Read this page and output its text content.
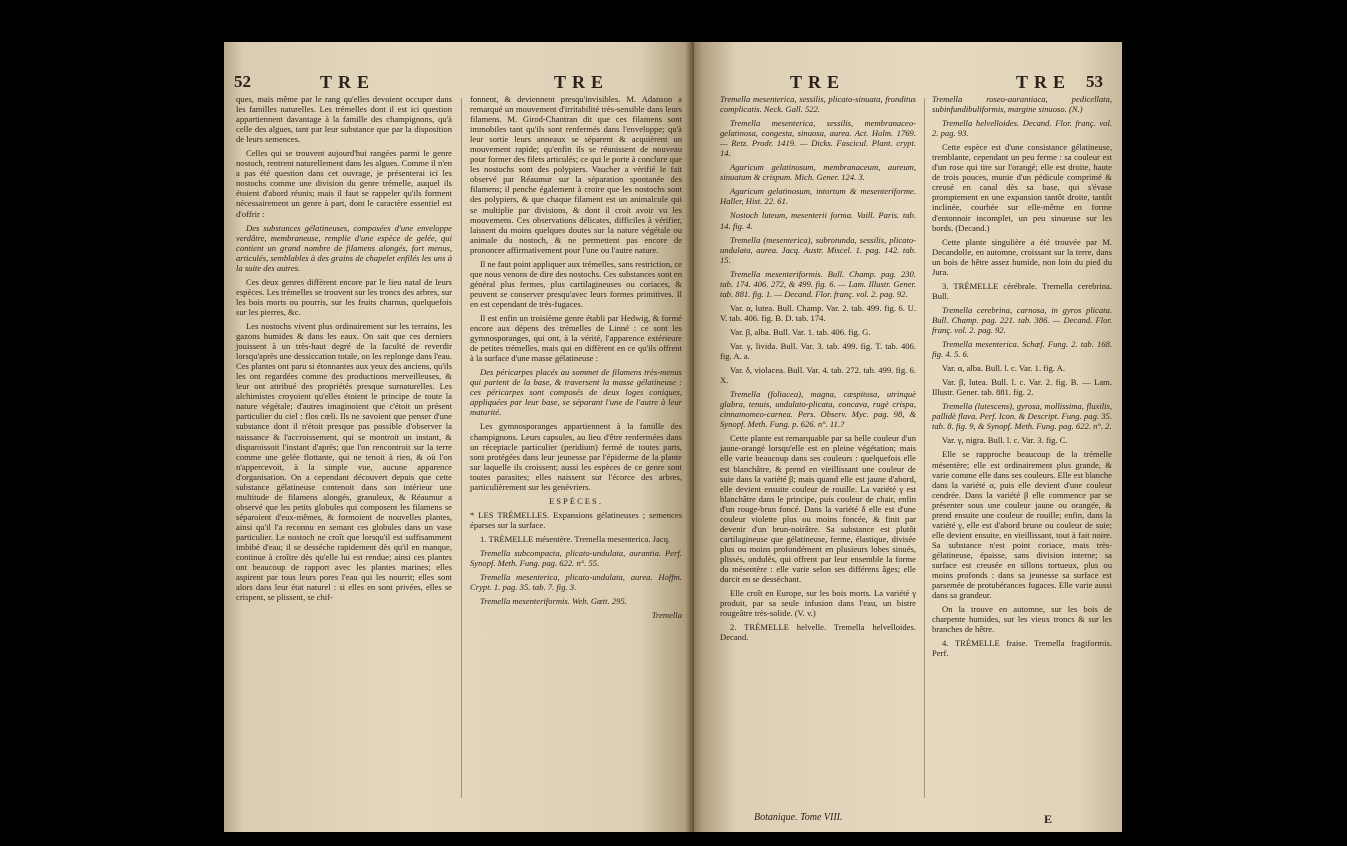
52	TRE	TRE

ques, mais même par le rang qu'elles devoient occuper dans les familles naturelles. Les trémelles dont il est ici question appartiennent davantage à la famille des champignons, qu'à celle des algues, tant par leur substance que par la disposition de leurs semences.

Celles qui se trouvent aujourd'hui rangées parmi le genre nostoch, rentrent naturellement dans les algues. Comme il n'en a pas été question dans cet ouvrage, je présenterai ici les nostochs comme une division du genre trémelle, auquel ils étoient d'abord réunis; mais il faut se rappeler qu'ils forment nécessairement un genre à part, dont le caractère essentiel est d'offrir :

Des substances gélatineuses, composées d'une enveloppe verdâtre, membraneuse, remplie d'une espèce de gelée, qui contient un grand nombre de filamens alongés, fort menus, articulés, semblables à des grains de chapelet enfilés les uns à la suite des autres.

Ces deux genres diffèrent encore par le lieu natal de leurs espèces. Les trémelles se trouvent sur les troncs des arbres, sur les bois morts ou pourris, sur les fruits charnus, quelquefois sur les pierres, &c.

Les nostochs vivent plus ordinairement sur les terrains, les gazons humides & dans les eaux. On sait que ces derniers jouissent à un très-haut degré de la faculté de reverdir lorsqu'après une dessiccation totale, on les replonge dans l'eau. Ces plantes ont paru si étonnantes aux yeux des anciens, qu'ils les ont regardées comme des productions merveilleuses, & leur ont attribué des propriétés presque surnaturelles. Les alchimistes croyoient qu'elles étoient le principe de toute la nature végétale; d'autres imaginoient que c'étoit un présent particulier du ciel : flos cœli. Ils ne savoient que penser d'une substance dont il n'étoit presque pas possible d'observer la naissance & l'accroissement, qui se montroit un instant, & disparoissoit l'instant d'après; que l'on rencontroit sur la terre comme une gelée flottante, qui ne tenoit à rien, & où l'on n'appercevoit, à la simple vue, aucune apparence d'organisation. On a cependant découvert depuis que cette substance gélatineuse contenoit dans son intérieur une multitude de filamens alongés, granuleux, & Réaumur a observé que les petits globules qui composent les filamens se séparoient d'eux-mêmes, & formoient de nouvelles plantes, ainsi qu'il l'a reconnu en semant ces globules dans un vase particulier. Le nostoch ne croît que lorsqu'il est suffisamment imbibé d'eau; il se desséche rapidement dès qu'il en manque, continue à croître dès qu'elle lui est rendue; ainsi ces plantes ont beaucoup de rapport avec les plantes marines; elles aspirent par tous leurs pores l'eau qui les nourrit; elles sont alors dans leur état naturel : si elles en sont privées, elles se crispent, se plissent, se chif-

fonnent, & deviennent presqu'invisibles. M. Adanson a remarqué un mouvement d'irritabilité très-sensible dans leurs filamens. M. Girod-Chantran dit que ces filamens sont immobiles tant qu'ils sont renfermés dans l'enveloppe; qu'à leur sortie leurs anneaux se séparent & acquièrent un mouvement rapide; qu'enfin ils se réunissent de nouveau pour former des filets articulés; ce qui le porte à conclure que les nostochs sont des polypiers. Vaucher a vérifié le fait observé par Réaumur sur la séparation spontanée des filamens; il penche également à croire que les nostochs sont des polypiers, & que chaque filament est un animalcule qui se multiplie par divisions, & dont il croit avoir vu les mouvemens. Ces observations délicates, difficiles à vérifier, laissent du moins quelques doutes sur la nature végétale ou animale du nostoch, & ne permettent pas encore de prononcer affirmativement pour l'une ou l'autre nature.

Il ne faut point appliquer aux trémelles, sans restriction, ce que nous venons de dire des nostochs. Ces substances sont en général plus fermes, plus cartilagineuses ou coriaces, & peuvent se conserver presqu'avec leurs formes primitives. Il en est cependant de très-fugaces.

Il est enfin un troisième genre établi par Hedwig, & formé encore aux dépens des trémelles de Linné : ce sont les gymnosporanges, qui ont, à la vérité, l'apparence extérieure de petites trémelles, mais qui en diffèrent en ce qu'ils offrent à la surface d'une masse gélatineuse :

Des péricarpes placés au sommet de filamens très-menus qui partent de la base, & traversent la masse gélatineuse : ces péricarpes sont composés de deux loges coniques, appliquées par leur base, se séparant l'une de l'autre à leur maturité.

Les gymnosporanges appartiennent à la famille des champignons. Leurs capsules, au lieu d'être renfermées dans un réceptacle particulier (peridium) fermé de toutes parts, sont protégées dans leur jeunesse par l'épiderme de la plante sur laquelle ils croissent; aussi les espèces de ce genre sont toutes parasites; elles naissent sur l'écorce des arbres, particulièrement sur les genévriers.

ESPÈCES.

* LES TRÉMELLES. Expansions gélatineuses ; semences éparses sur la surface.

1. TRÉMELLE mésentère. Tremella mesenterica. Jacq.

Tremella subcompacta, plicato-undulata, aurantia. Perf. Synopf. Meth. Fung. pag. 622. n°. 55.

Tremella mesenterica, plicato-undulata, aurea. Hoffm. Crypt. 1. pag. 35. tab. 7. fig. 3.

Tremella mesenteriformis. Web. Gœtt. 295.

Tremella

TRE	TRE 53

Tremella mesenterica, sessilis, plicato-sinuata, fronditus complicatis. Neck. Gall. 522.

Tremella mesenterica, sessilis, membranaceo-gelatinosa, congesta, sinuosa, aurea. Act. Holm. 1769. — Retz. Prodr. 1419. — Dicks. Fascicul. Plant. crypt. 14.

Agaricum gelatinosum, membranaceum, aureum, sinuatum & crispum. Mich. Gener. 124. 3.

Agaricum gelatinosum, intortum & mesenteriforme. Haller, Hist. 22. 61.

Nostoch luteum, mesenterii forma. Vaill. Paris. tab. 14. fig. 4.

Tremella (mesenterica), subrotunda, sessilis, plicato-undulata, aurea. Jacq. Austr. Miscel. 1. pag. 142. tab. 15.

Tremella mesenteriformis. Bull. Champ. pag. 230. tab. 174. 406. 272, & 499. fig. 6. — Lam. Illustr. Gener. tab. 881. fig. 1. — Decand. Flor. franç. vol. 2. pag. 92.

Var. α, lutea. Bull. Champ. Var. 2. tab. 499. fig. 6. U. V. tab. 406. fig. B. D. tab. 174.

Var. β, alba. Bull. Var. 1. tab. 406. fig. G.

Var. γ, livida. Bull. Var. 3. tab. 499. fig. T. tab. 406. fig. A. a.

Var. δ, violacea. Bull. Var. 4. tab. 272. tab. 499. fig. 6. X.

Tremella (foliacea), magna, cæspitosa, utrinquè glabra, tenuis, undulato-plicata, concava, rugè crispa, cinnamomeo-carnea. Pers. Observ. Myc. pag. 98, & Synopf. Meth. Fung. p. 626. n°. 11.?

Cette plante est remarquable par sa belle couleur d'un jaune-orangé lorsqu'elle est en pleine végétation; mais elle varie beaucoup dans ses couleurs : quelquefois elle est blanchâtre, & prend en vieillissant une couleur de suie dans la variété β; mais quand elle est jaune d'abord, elle devient ensuite couleur de rouille. La variété γ est blanchâtre dans le principe, puis couleur de chair, enfin d'un rouge-brun foncé. Dans la variété δ elle est d'une couleur violette plus ou moins foncée, & finit par devenir d'un brun-noirâtre. Sa substance est plutôt cartilagineuse que gélatineuse, ferme, élastique, divisée plus ou moins profondément en plusieurs lobes sinués, plissés, ondulés, qui offrent par leur ensemble la forme du mésentère : elle varie selon ses différens âges; elle durcit en se desséchant.

Elle croît en Europe, sur les bois morts. La variété γ produit, par sa seule infusion dans l'eau, un bistre rougeâtre très-solide. (V. v.)

2. TRÉMELLE helvelle. Tremella helvelloides. Decand.

Botanique. Tome VIII.

Tremella roseo-aurantiaca, pedicellata, subinfundibuliformis, margine sinuoso. (N.)

Tremella helvelloides. Decand. Flor. franç. vol. 2. pag. 93.

Cette espèce est d'une consistance gélatineuse, tremblante, cependant un peu ferme : sa couleur est d'un rose qui tire sur l'orangé; elle est droite, haute de trois pouces, munie d'un pédicule comprimé & creusé en canal dès sa base, qui s'évase promptement en une expansion tantôt droite, tantôt inclinée, courbée sur elle-même en forme d'entonnoir incomplet, un peu sinueuse sur les bords. (Decand.)

Cette plante singulière a été trouvée par M. Decandolle, en automne, croissant sur la terre, dans un bois de hêtre assez humide, non loin du pied du Jura.

3. TRÉMELLE cérébrale. Tremella cerebrina. Bull.

Tremella cerebrina, carnosa, in gyros plicata. Bull. Champ. pag. 221. tab. 386. — Decand. Flor. franç. vol. 2. pag. 92.

Tremella mesenterica. Schæf. Fung. 2. tab. 168. fig. 4. 5. 6.

Var. α, alba. Bull. l. c. Var. 1. fig. A.

Var. β, lutea. Bull. l. c. Var. 2. fig. B. — Lam. Illustr. Gener. tab. 881. fig. 2.

Tremella (lutescens), gyrosa, mollissima, fluxilis, pallidè flava. Perf. Icon. & Descript. Fung. pag. 35. tab. 8. fig. 9, & Synopf. Meth. Fung. pag. 622. n°. 2.

Var. γ, nigra. Bull. l. c. Var. 3. fig. C.

Elle se rapproche beaucoup de la trémelle mésentère; elle est ordinairement plus grande, & varie comme elle dans ses couleurs. Elle est blanche dans la variété α, puis elle devient d'une couleur cendrée. Dans la variété β elle commence par se présenter sous une couleur jaune ou orangée, & prend ensuite une couleur de rouille; enfin, dans la variété γ, elle est d'abord brune ou couleur de suie; elle devient ensuite, en vieillissant, tout à fait noire. Sa substance n'est point coriace, mais très-gélatineuse, épaisse, sans division interne; sa surface est creusée en sillons tortueux, plus ou moins profonds : dans sa jeunesse sa surface est parsemée de protubérances fugaces. Elle varie aussi dans sa grandeur.

On la trouve en automne, sur les bois de charpente humides, sur les vieux troncs & sur les branches de hêtre.

4. TRÉMELLE fraise. Tremella fragiformis. Perf.

E
